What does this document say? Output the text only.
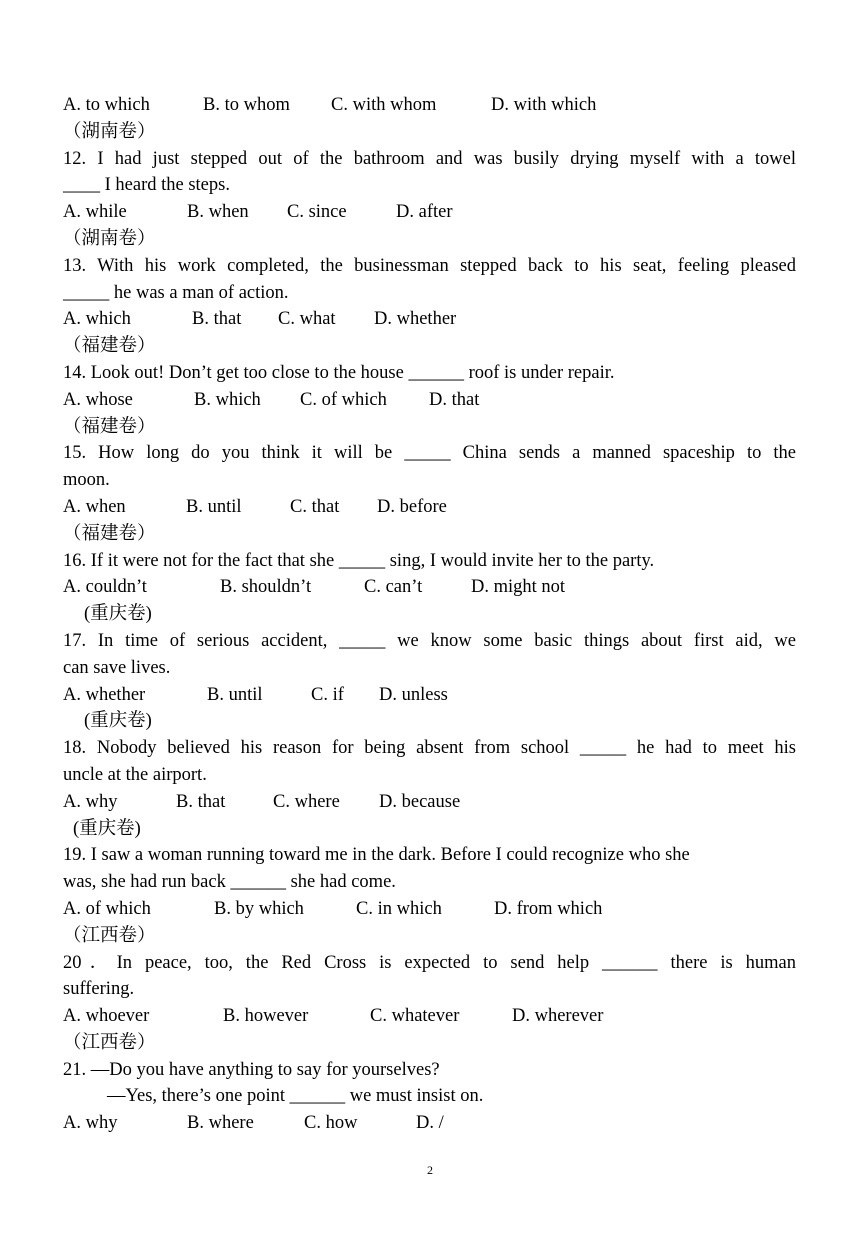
A. to which	B. to whom	C. with whom	D. with which
（湖南卷）
12. I had just stepped out of the bathroom and was busily drying myself with a towel
____ I heard the steps.
A. while	B. when	C. since	D. after
（湖南卷）
13. With his work completed, the businessman stepped back to his seat, feeling pleased
_____ he was a man of action.
A. which	B. that	C. what	D. whether
（福建卷）
14. Look out! Don’t get too close to the house ______ roof is under repair.
A. whose	B. which	C. of which	D. that
（福建卷）
15. How long do you think it will be _____ China sends a manned spaceship to the
moon.
A. when	B. until	C. that	D. before
（福建卷）
16. If it were not for the fact that she _____ sing, I would invite her to the party.
A. couldn’t	B. shouldn’t	C. can’t	D. might not
(重庆卷)
17. In time of serious accident, _____ we know some basic things about first aid, we
can save lives.
A. whether	B. until	C. if	D. unless
(重庆卷)
18. Nobody believed his reason for being absent from school _____ he had to meet his
uncle at the airport.
A. why	B. that	C. where	D. because
(重庆卷)
19. I saw a woman running toward me in the dark. Before I could recognize who she
was, she had run back ______ she had come.
A. of which	B. by which	C. in which	D. from which
（江西卷）
20．In peace, too, the Red Cross is expected to send help ______ there is human
suffering.
A. whoever	B. however	C. whatever	D. wherever
（江西卷）
21. —Do you have anything to say for yourselves?
—Yes, there’s one point ______ we must insist on.
A. why	B. where	C. how	D. /
2
